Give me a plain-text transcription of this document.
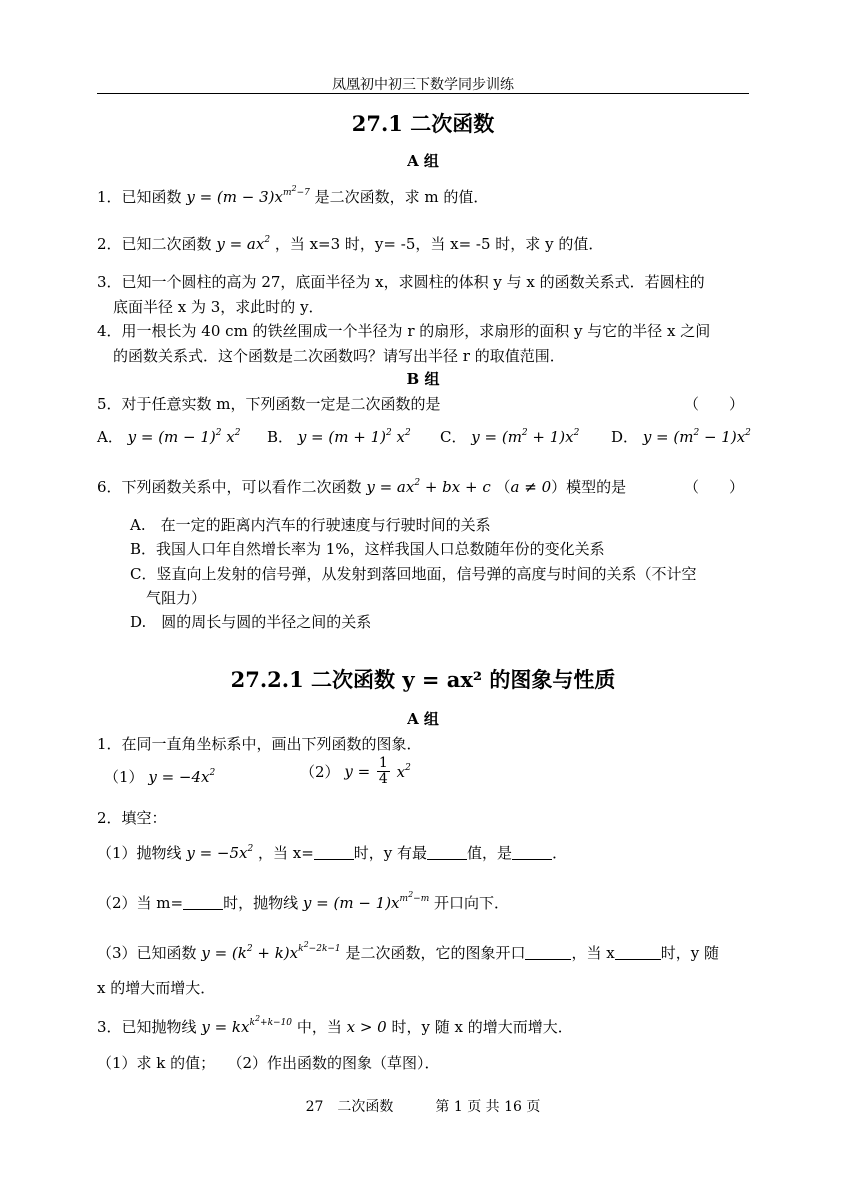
凤凰初中初三下数学同步训练
27.1 二次函数
A 组
1．已知函数 $y = (m - 3)x^{m2-7}$ 是二次函数，求 m 的值．
2．已知二次函数 $y = ax^2$ ，当 x=3 时，y= -5，当 x= -5 时，求 y 的值．
3．已知一个圆柱的高为 27，底面半径为 x，求圆柱的体积 y 与 x 的函数关系式．若圆柱的
底面半径 x 为 3，求此时的 y．
4．用一根长为 40 cm 的铁丝围成一个半径为 r 的扇形，求扇形的面积 y 与它的半径 x 之间
的函数关系式．这个函数是二次函数吗？请写出半径 r 的取值范围．
B 组
5．对于任意实数 m，下列函数一定是二次函数的是	（　　）
A． $y = (m - 1)^2$ $x^2$ B． $y = (m + 1)^2$ $x^2$ C． $y = (m^2 + 1)x^2$ D． $y = (m^2 - 1)x^2$
6．下列函数关系中，可以看作二次函数 $y = ax^2$ + bx + c （a ≠ 0）模型的是	（　　）
A.　在一定的距离内汽车的行驶速度与行驶时间的关系
B．我国人口年自然增长率为 1%，这样我国人口总数随年份的变化关系
C．竖直向上发射的信号弹，从发射到落回地面，信号弹的高度与时间的关系（不计空
气阻力）
D.　圆的周长与圆的半径之间的关系
27.2.1 二次函数 y = ax² 的图象与性质
A 组
1．在同一直角坐标系中，画出下列函数的图象．
（1） $y = -4x^2$	（2） $y = \frac{1}{4} x^2$
2．填空：
（1）抛物线 $y = -5x^2$ ，当 x=	时，y 有最	值，是	．
（2）当 m=	时，抛物线 $y = (m - 1)x^{m2-m}$ 开口向下．
（3）已知函数 $y = (k^2 + k)x^{k2-2k-1}$ 是二次函数，它的图象开口	，当 x	时，y 随
x 的增大而增大．
3．已知抛物线 $y = kx^{k2+k-10}$ 中，当 x > 0 时，y 随 x 的增大而增大．
（1）求 k 的值；　 （2）作出函数的图象（草图）．
27　二次函数　　　第 1 页 共 16 页
